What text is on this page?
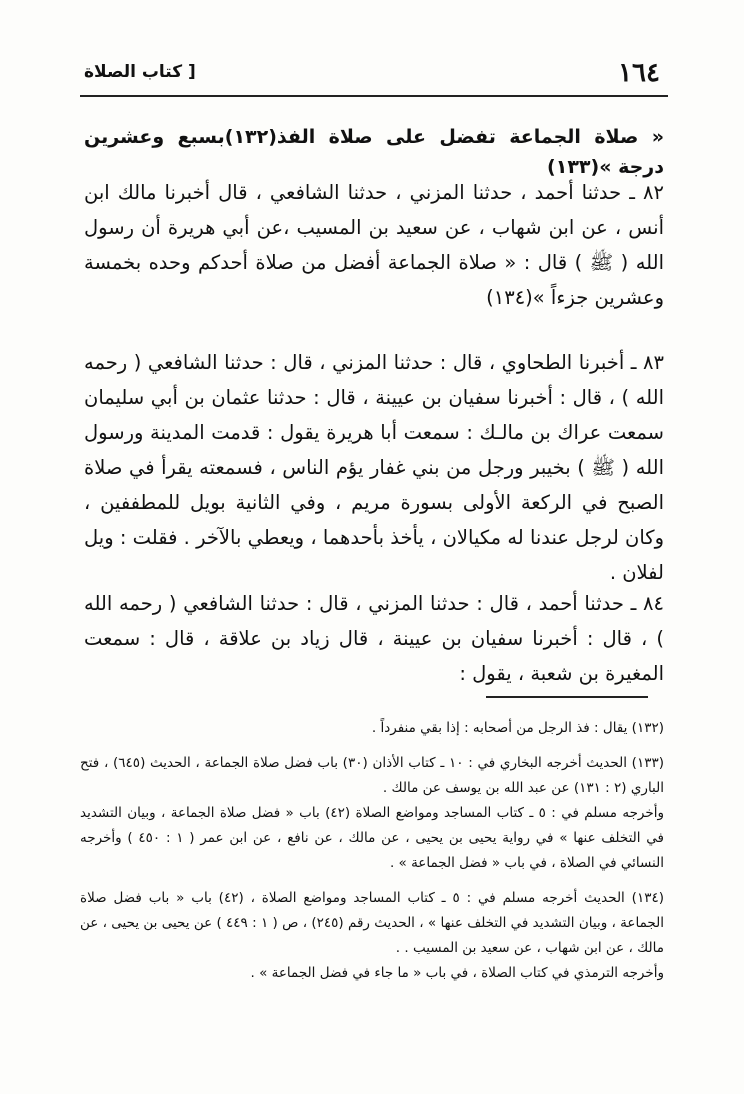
١٦٤
[ كتاب الصلاة
« صلاة الجماعة تفضل على صلاة الفذ(١٣٢)بسبع وعشرين درجة »(١٣٣)
٨٢ ـ حدثنا أحمد ، حدثنا المزني ، حدثنا الشافعي ، قال أخبرنا مالك ابن أنس ، عن ابن شهاب ، عن سعيد بن المسيب ،عن أبي هريرة أن رسول الله ( ﷺ ) قال : « صلاة الجماعة أفضل من صلاة أحدكم وحده بخمسة وعشرين جزءاً »(١٣٤)
٨٣ ـ أخبرنا الطحاوي ، قال : حدثنا المزني ، قال : حدثنا الشافعي ( رحمه الله ) ، قال : أخبرنا سفيان بن عيينة ، قال : حدثنا عثمان بن أبي سليمان سمعت عراك بن مالـك : سمعت أبا هريرة يقول : قدمت المدينة ورسول الله ( ﷺ ) بخيبر ورجل من بني غفار يؤم الناس ، فسمعته يقرأ في صلاة الصبح في الركعة الأولى بسورة مريم ، وفي الثانية بويل للمطففين ، وكان لرجل عندنا له مكيالان ، يأخذ بأحدهما ، ويعطي بالآخر . فقلت : ويل لفلان .
٨٤ ـ حدثنا أحمد ، قال : حدثنا المزني ، قال : حدثنا الشافعي ( رحمه الله ) ، قال : أخبرنا سفيان بن عيينة ، قال زياد بن علاقة ، قال : سمعت المغيرة بن شعبة ، يقول :

(١٣٢) يقال : فذ الرجل من أصحابه : إذا بقي منفرداً .

(١٣٣) الحديث أخرجه البخاري في : ١٠ ـ كتاب الأذان (٣٠) باب فضل صلاة الجماعة ، الحديث (٦٤٥) ، فتح الباري (٢ : ١٣١) عن عبد الله بن يوسف عن مالك .

وأخرجه مسلم في : ٥ ـ كتاب المساجد ومواضع الصلاة (٤٢) باب « فضل صلاة الجماعة ، وبيان التشديد في التخلف عنها » في رواية يحيى بن يحيى ، عن مالك ، عن نافع ، عن ابن عمر ( ١ : ٤٥٠ ) وأخرجه النسائي في الصلاة ، في باب « فضل الجماعة » .

(١٣٤) الحديث أخرجه مسلم في : ٥ ـ كتاب المساجد ومواضع الصلاة ، (٤٢) باب « باب فضل صلاة الجماعة ، وبيان التشديد في التخلف عنها » ، الحديث رقم (٢٤٥) ، ص ( ١ : ٤٤٩ ) عن يحيى بن يحيى ، عن مالك ، عن ابن شهاب ، عن سعيد بن المسيب . .

وأخرجه الترمذي في كتاب الصلاة ، في باب « ما جاء في فضل الجماعة » .
